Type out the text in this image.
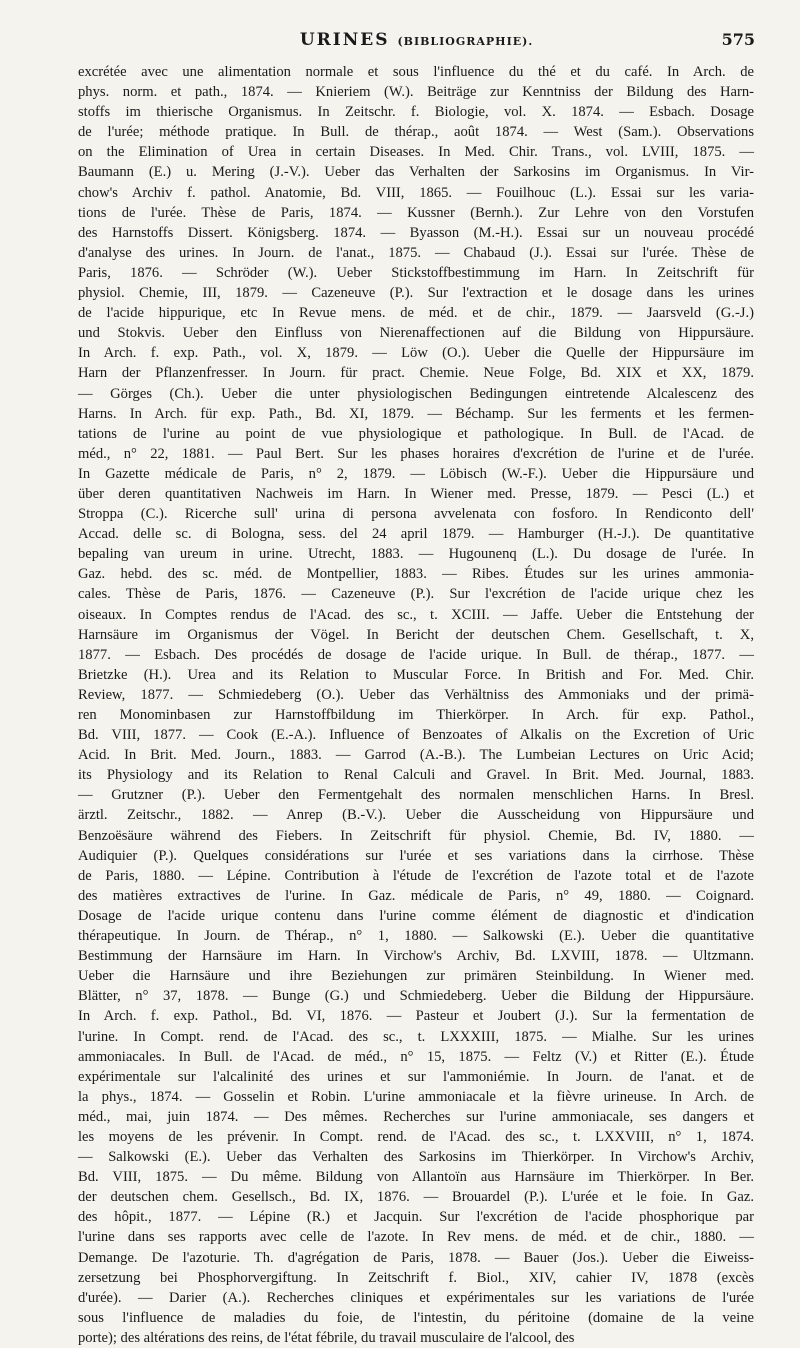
URINES (BIBLIOGRAPHIE).	575
excrétée avec une alimentation normale et sous l'influence du thé et du café. In Arch. de
phys. norm. et path., 1874. — Knieriem (W.). Beiträge zur Kenntniss der Bildung des Harn-
stoffs im thierische Organismus. In Zeitschr. f. Biologie, vol. X. 1874. — Esbach. Dosage
de l'urée; méthode pratique. In Bull. de thérap., août 1874. — West (Sam.). Observations
on the Elimination of Urea in certain Diseases. In Med. Chir. Trans., vol. LVIII, 1875. —
Baumann (E.) u. Mering (J.-V.). Ueber das Verhalten der Sarkosins im Organismus. In Vir-
chow's Archiv f. pathol. Anatomie, Bd. VIII, 1865. — Fouilhouc (L.). Essai sur les varia-
tions de l'urée. Thèse de Paris, 1874. — Kussner (Bernh.). Zur Lehre von den Vorstufen
des Harnstoffs Dissert. Königsberg. 1874. — Byasson (M.-H.). Essai sur un nouveau procédé
d'analyse des urines. In Journ. de l'anat., 1875. — Chabaud (J.). Essai sur l'urée. Thèse de
Paris, 1876. — Schröder (W.). Ueber Stickstoffbestimmung im Harn. In Zeitschrift für
physiol. Chemie, III, 1879. — Cazeneuve (P.). Sur l'extraction et le dosage dans les urines
de l'acide hippurique, etc In Revue mens. de méd. et de chir., 1879. — Jaarsveld (G.-J.)
und Stokvis. Ueber den Einfluss von Nierenaffectionen auf die Bildung von Hippursäure.
In Arch. f. exp. Path., vol. X, 1879. — Löw (O.). Ueber die Quelle der Hippursäure im
Harn der Pflanzenfresser. In Journ. für pract. Chemie. Neue Folge, Bd. XIX et XX, 1879.
— Görges (Ch.). Ueber die unter physiologischen Bedingungen eintretende Alcalescenz des
Harns. In Arch. für exp. Path., Bd. XI, 1879. — Béchamp. Sur les ferments et les fermen-
tations de l'urine au point de vue physiologique et pathologique. In Bull. de l'Acad. de
méd., n° 22, 1881. — Paul Bert. Sur les phases horaires d'excrétion de l'urine et de l'urée.
In Gazette médicale de Paris, n° 2, 1879. — Löbisch (W.-F.). Ueber die Hippursäure und
über deren quantitativen Nachweis im Harn. In Wiener med. Presse, 1879. — Pesci (L.) et
Stroppa (C.). Ricerche sull' urina di persona avvelenata con fosforo. In Rendiconto dell'
Accad. delle sc. di Bologna, sess. del 24 april 1879. — Hamburger (H.-J.). De quantitative
bepaling van ureum in urine. Utrecht, 1883. — Hugounenq (L.). Du dosage de l'urée. In
Gaz. hebd. des sc. méd. de Montpellier, 1883. — Ribes. Études sur les urines ammonia-
cales. Thèse de Paris, 1876. — Cazeneuve (P.). Sur l'excrétion de l'acide urique chez les
oiseaux. In Comptes rendus de l'Acad. des sc., t. XCIII. — Jaffe. Ueber die Entstehung der
Harnsäure im Organismus der Vögel. In Bericht der deutschen Chem. Gesellschaft, t. X,
1877. — Esbach. Des procédés de dosage de l'acide urique. In Bull. de thérap., 1877. —
Brietzke (H.). Urea and its Relation to Muscular Force. In British and For. Med. Chir.
Review, 1877. — Schmiedeberg (O.). Ueber das Verhältniss des Ammoniaks und der primä-
ren Monominbasen zur Harnstoffbildung im Thierkörper. In Arch. für exp. Pathol.,
Bd. VIII, 1877. — Cook (E.-A.). Influence of Benzoates of Alkalis on the Excretion of Uric
Acid. In Brit. Med. Journ., 1883. — Garrod (A.-B.). The Lumbeian Lectures on Uric Acid;
its Physiology and its Relation to Renal Calculi and Gravel. In Brit. Med. Journal, 1883.
— Grutzner (P.). Ueber den Fermentgehalt des normalen menschlichen Harns. In Bresl.
ärztl. Zeitschr., 1882. — Anrep (B.-V.). Ueber die Ausscheidung von Hippursäure und
Benzoësäure während des Fiebers. In Zeitschrift für physiol. Chemie, Bd. IV, 1880. —
Audiquier (P.). Quelques considérations sur l'urée et ses variations dans la cirrhose. Thèse
de Paris, 1880. — Lépine. Contribution à l'étude de l'excrétion de l'azote total et de l'azote
des matières extractives de l'urine. In Gaz. médicale de Paris, n° 49, 1880. — Coignard.
Dosage de l'acide urique contenu dans l'urine comme élément de diagnostic et d'indication
thérapeutique. In Journ. de Thérap., n° 1, 1880. — Salkowski (E.). Ueber die quantitative
Bestimmung der Harnsäure im Harn. In Virchow's Archiv, Bd. LXVIII, 1878. — Ultzmann.
Ueber die Harnsäure und ihre Beziehungen zur primären Steinbildung. In Wiener med.
Blätter, n° 37, 1878. — Bunge (G.) und Schmiedeberg. Ueber die Bildung der Hippursäure.
In Arch. f. exp. Pathol., Bd. VI, 1876. — Pasteur et Joubert (J.). Sur la fermentation de
l'urine. In Compt. rend. de l'Acad. des sc., t. LXXXIII, 1875. — Mialhe. Sur les urines
ammoniacales. In Bull. de l'Acad. de méd., n° 15, 1875. — Feltz (V.) et Ritter (E.). Étude
expérimentale sur l'alcalinité des urines et sur l'ammoniémie. In Journ. de l'anat. et de
la phys., 1874. — Gosselin et Robin. L'urine ammoniacale et la fièvre urineuse. In Arch. de
méd., mai, juin 1874. — Des mêmes. Recherches sur l'urine ammoniacale, ses dangers et
les moyens de les prévenir. In Compt. rend. de l'Acad. des sc., t. LXXVIII, n° 1, 1874.
— Salkowski (E.). Ueber das Verhalten des Sarkosins im Thierkörper. In Virchow's Archiv,
Bd. VIII, 1875. — Du même. Bildung von Allantoïn aus Harnsäure im Thierkörper. In Ber.
der deutschen chem. Gesellsch., Bd. IX, 1876. — Brouardel (P.). L'urée et le foie. In Gaz.
des hôpit., 1877. — Lépine (R.) et Jacquin. Sur l'excrétion de l'acide phosphorique par
l'urine dans ses rapports avec celle de l'azote. In Rev mens. de méd. et de chir., 1880. —
Demange. De l'azoturie. Th. d'agrégation de Paris, 1878. — Bauer (Jos.). Ueber die Eiweiss-
zersetzung bei Phosphorvergiftung. In Zeitschrift f. Biol., XIV, cahier IV, 1878 (excès
d'urée). — Darier (A.). Recherches cliniques et expérimentales sur les variations de l'urée
sous l'influence de maladies du foie, de l'intestin, du péritoine (domaine de la veine
porte); des altérations des reins, de l'état fébrile, du travail musculaire de l'alcool, des
